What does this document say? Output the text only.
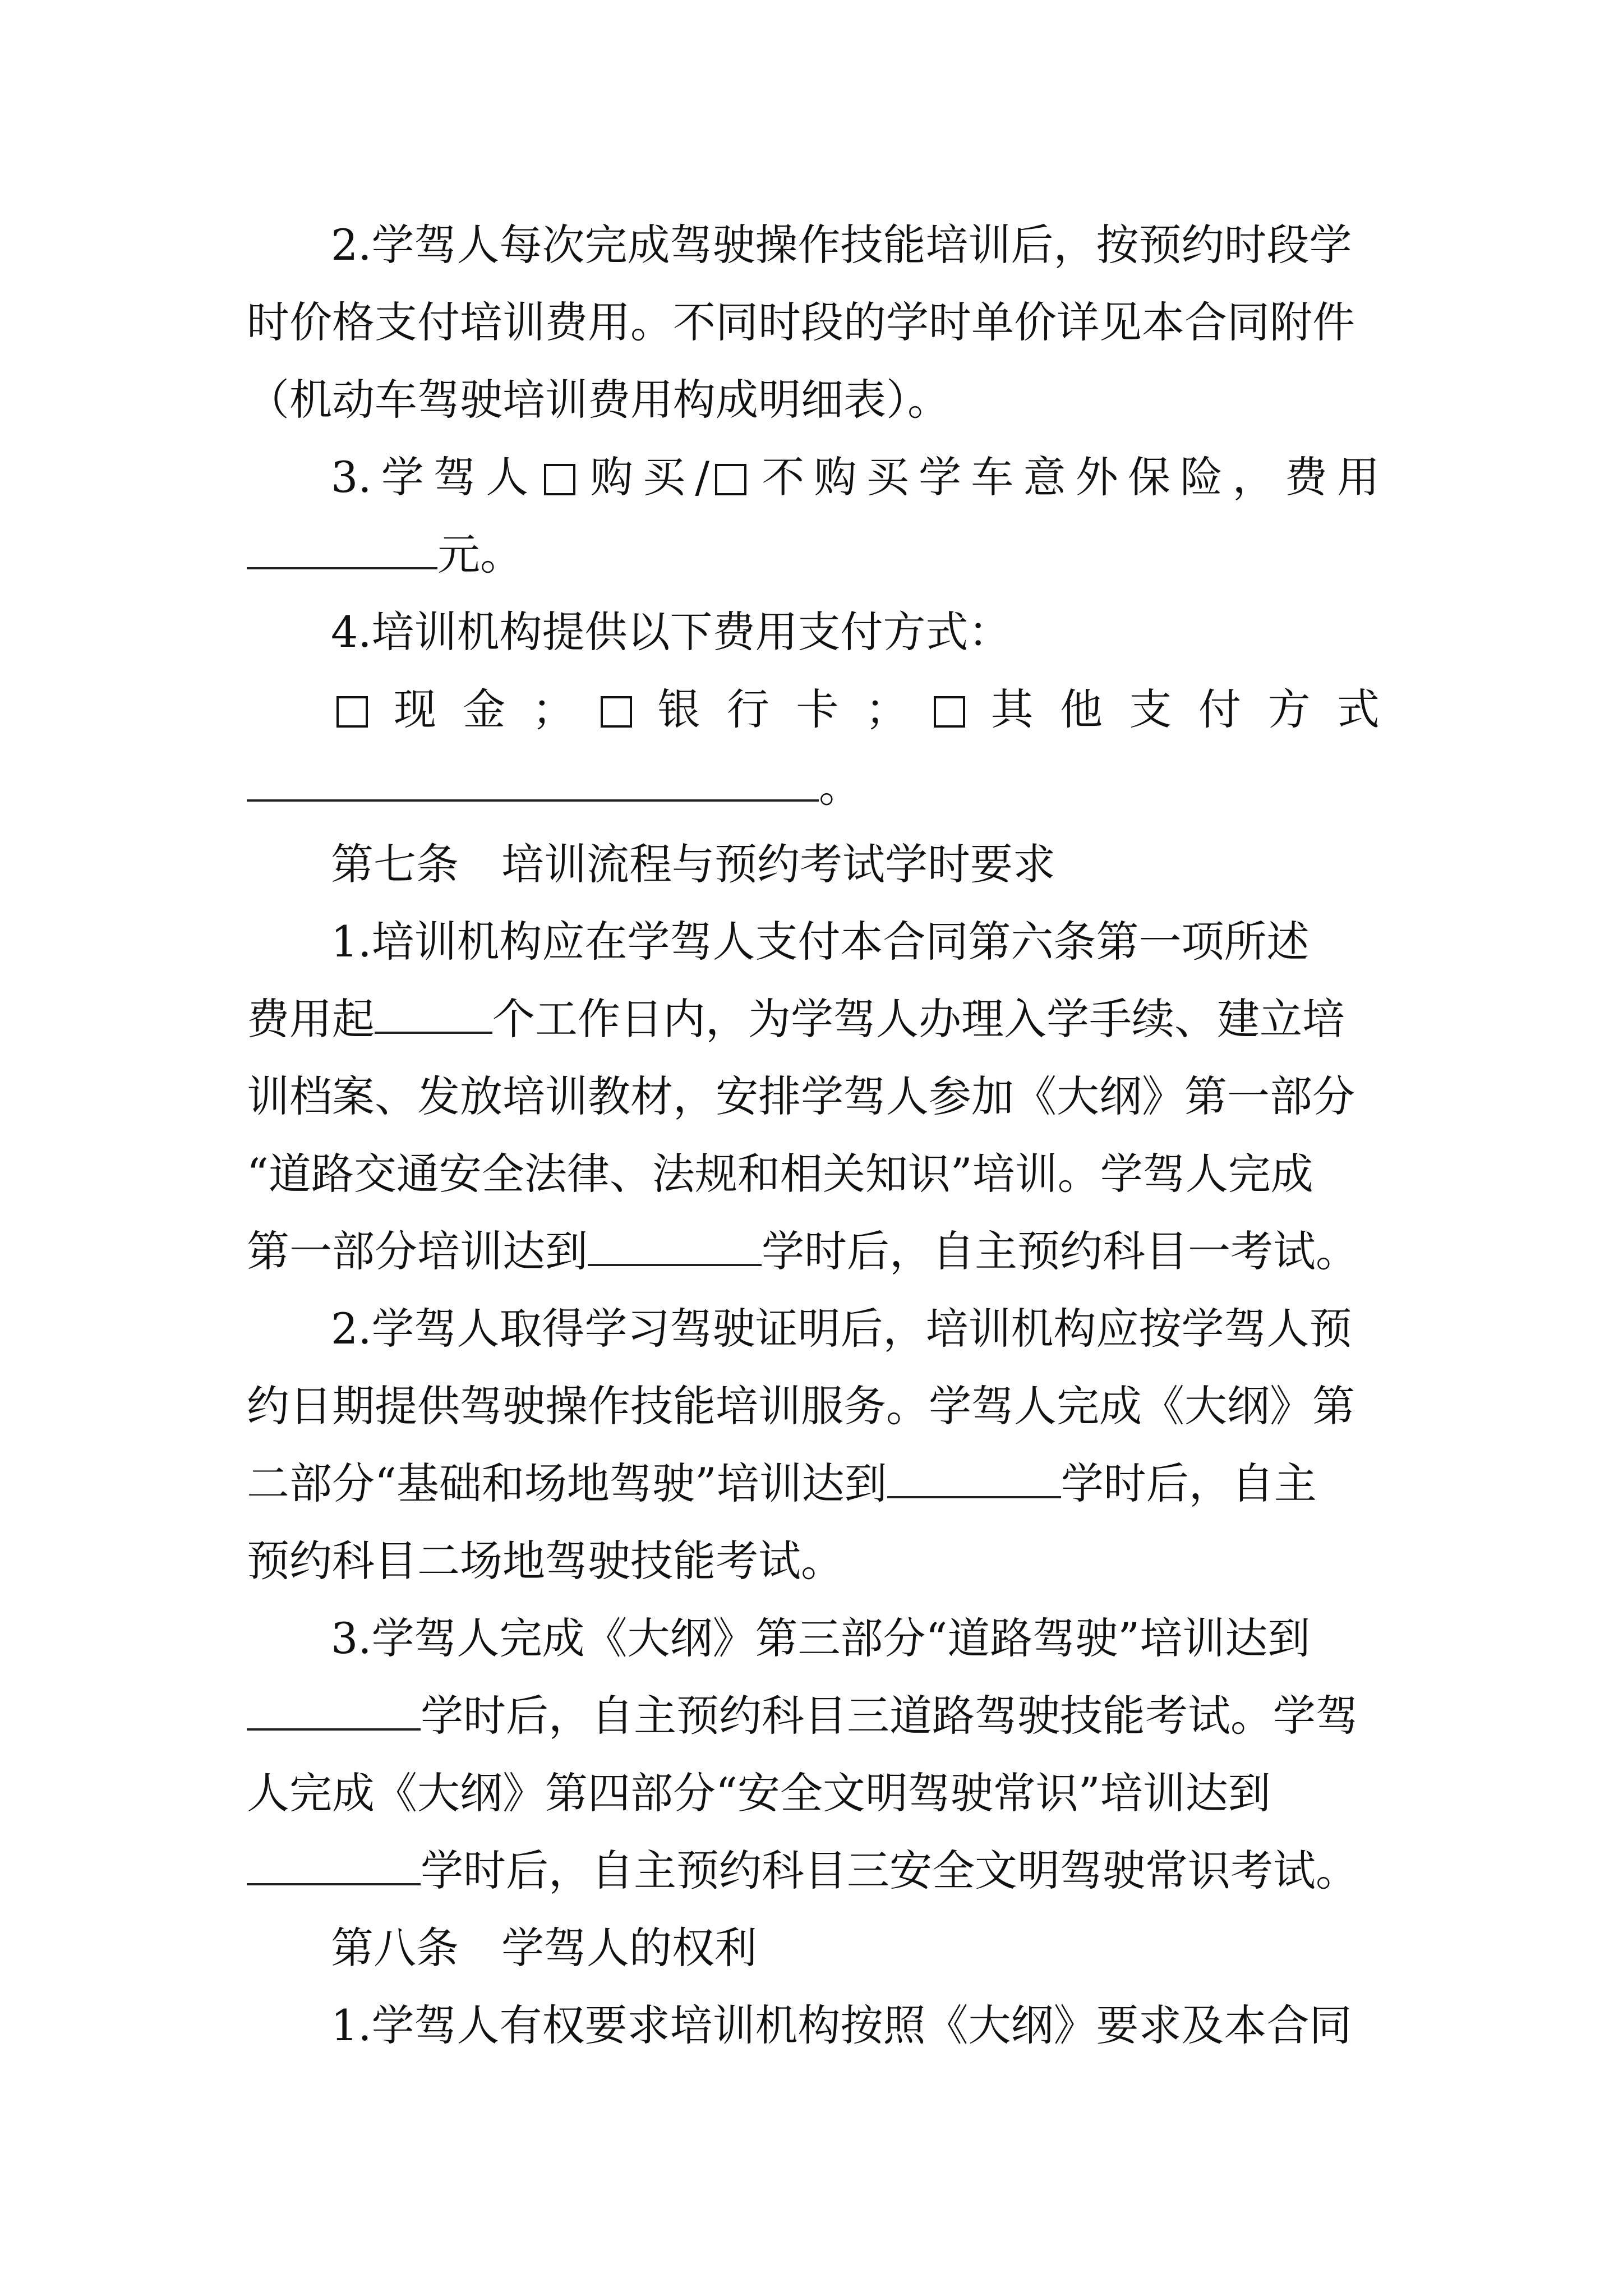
2.学驾人每次完成驾驶操作技能培训后，按预约时段学
时价格支付培训费用。不同时段的学时单价详见本合同附件
（机动车驾驶培训费用构成明细表）。
3.学驾人 购买/ 不购买学车意外保险，费用
元。
4.培训机构提供以下费用支付方式：
现 金 ； 银 行 卡 ； 其 他 支 付 方 式
。
第七条　培训流程与预约考试学时要求
1.培训机构应在学驾人支付本合同第六条第一项所述
费用起	个工作日内，为学驾人办理入学手续、建立培
训档案、发放培训教材，安排学驾人参加《大纲》第一部分
“道路交通安全法律、法规和相关知识”培训。学驾人完成
第一部分培训达到	学时后，自主预约科目一考试。
2.学驾人取得学习驾驶证明后，培训机构应按学驾人预
约日期提供驾驶操作技能培训服务。学驾人完成《大纲》第
二部分“基础和场地驾驶”培训达到	学时后，自主
预约科目二场地驾驶技能考试。
3.学驾人完成《大纲》第三部分“道路驾驶”培训达到
学时后，自主预约科目三道路驾驶技能考试。学驾
人完成《大纲》第四部分“安全文明驾驶常识”培训达到
学时后，自主预约科目三安全文明驾驶常识考试。
第八条　学驾人的权利
1.学驾人有权要求培训机构按照《大纲》要求及本合同
